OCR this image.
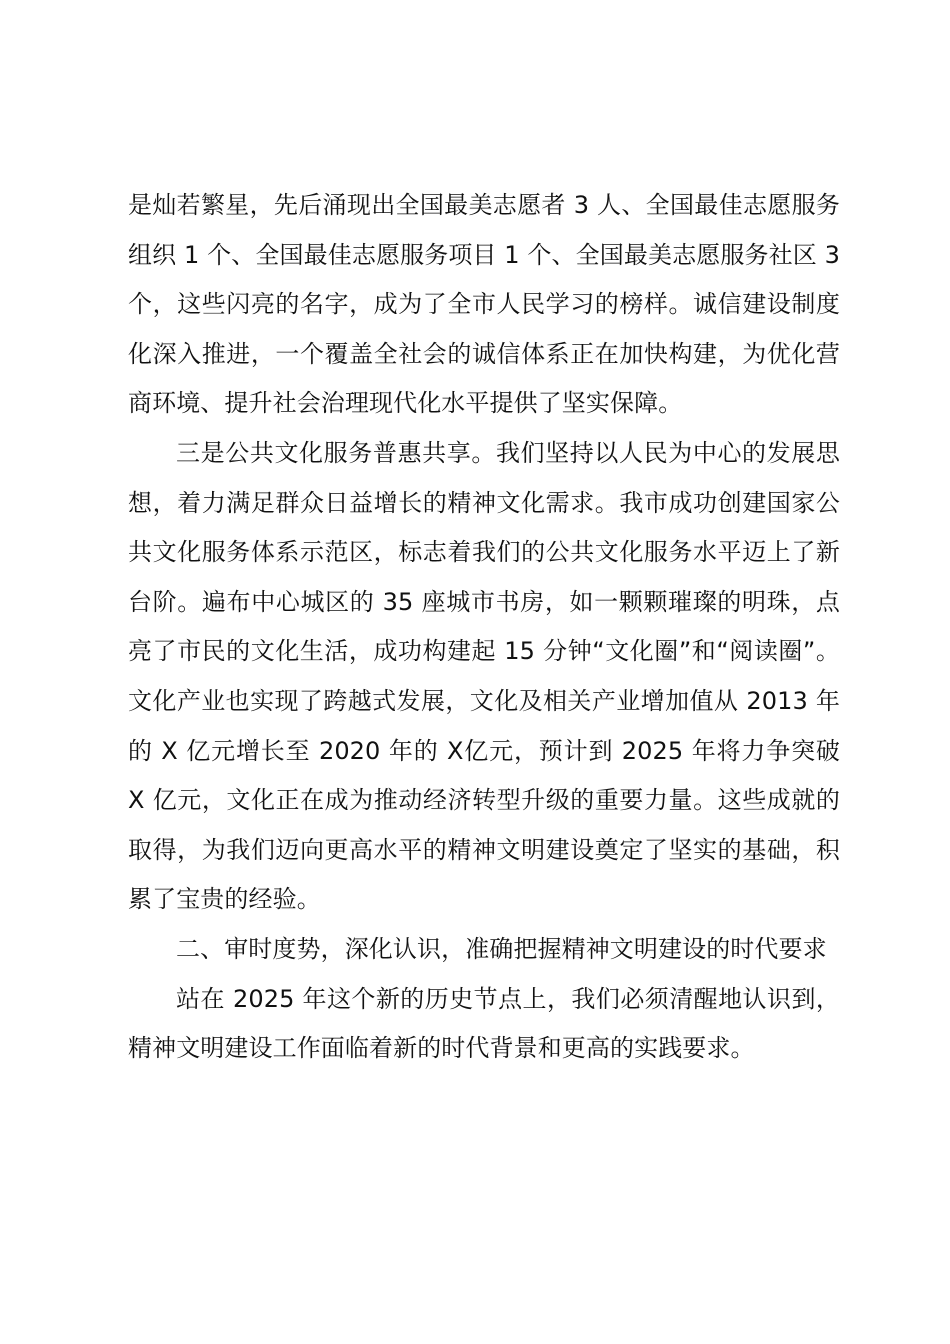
是灿若繁星，先后涌现出全国最美志愿者 3 人、全国最佳志愿服务组织 1 个、全国最佳志愿服务项目 1 个、全国最美志愿服务社区 3 个，这些闪亮的名字，成为了全市人民学习的榜样。诚信建设制度化深入推进，一个覆盖全社会的诚信体系正在加快构建，为优化营商环境、提升社会治理现代化水平提供了坚实保障。

三是公共文化服务普惠共享。我们坚持以人民为中心的发展思想，着力满足群众日益增长的精神文化需求。我市成功创建国家公共文化服务体系示范区，标志着我们的公共文化服务水平迈上了新台阶。遍布中心城区的 35 座城市书房，如一颗颗璀璨的明珠，点亮了市民的文化生活，成功构建起 15 分钟“文化圈”和“阅读圈”。文化产业也实现了跨越式发展，文化及相关产业增加值从 2013 年的 X 亿元增长至 2020 年的 X亿元，预计到 2025 年将力争突破 X 亿元，文化正在成为推动经济转型升级的重要力量。这些成就的取得，为我们迈向更高水平的精神文明建设奠定了坚实的基础，积累了宝贵的经验。

二、审时度势，深化认识，准确把握精神文明建设的时代要求

站在 2025 年这个新的历史节点上，我们必须清醒地认识到，精神文明建设工作面临着新的时代背景和更高的实践要求。
